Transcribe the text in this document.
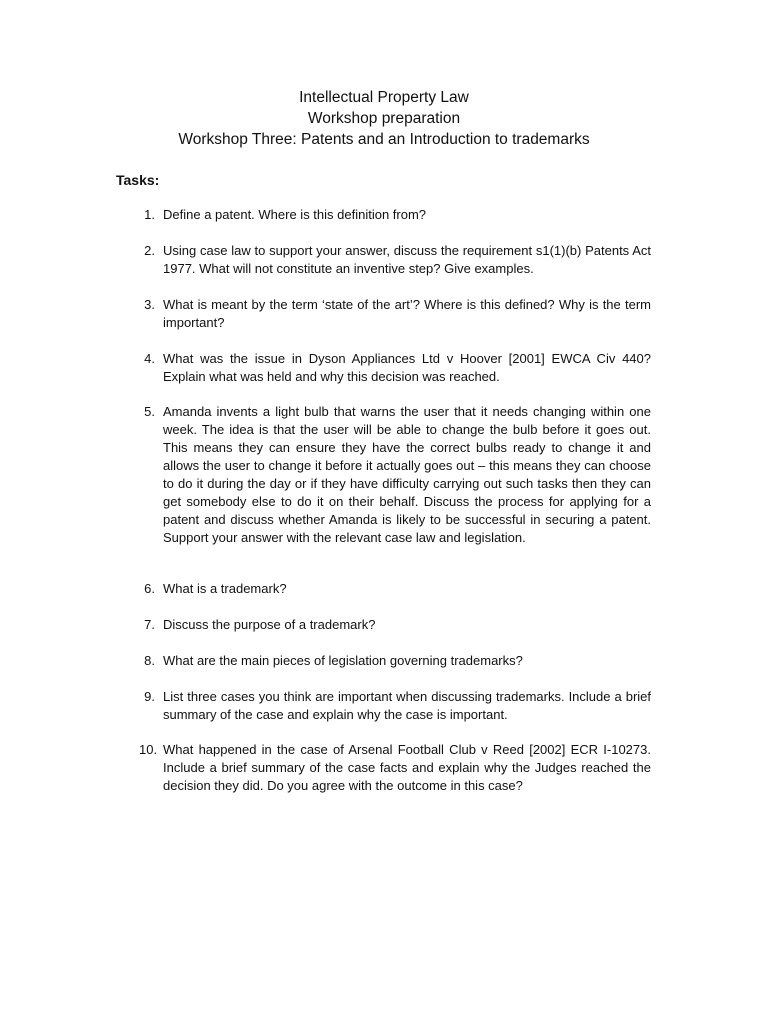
Intellectual Property Law
Workshop preparation
Workshop Three: Patents and an Introduction to trademarks
Tasks:
1. Define a patent. Where is this definition from?
2. Using case law to support your answer, discuss the requirement s1(1)(b) Patents Act 1977. What will not constitute an inventive step? Give examples.
3. What is meant by the term ‘state of the art’? Where is this defined? Why is the term important?
4. What was the issue in Dyson Appliances Ltd v Hoover [2001] EWCA Civ 440? Explain what was held and why this decision was reached.
5. Amanda invents a light bulb that warns the user that it needs changing within one week. The idea is that the user will be able to change the bulb before it goes out. This means they can ensure they have the correct bulbs ready to change it and allows the user to change it before it actually goes out – this means they can choose to do it during the day or if they have difficulty carrying out such tasks then they can get somebody else to do it on their behalf. Discuss the process for applying for a patent and discuss whether Amanda is likely to be successful in securing a patent. Support your answer with the relevant case law and legislation.
6. What is a trademark?
7. Discuss the purpose of a trademark?
8. What are the main pieces of legislation governing trademarks?
9. List three cases you think are important when discussing trademarks. Include a brief summary of the case and explain why the case is important.
10. What happened in the case of Arsenal Football Club v Reed [2002] ECR I-10273. Include a brief summary of the case facts and explain why the Judges reached the decision they did. Do you agree with the outcome in this case?
